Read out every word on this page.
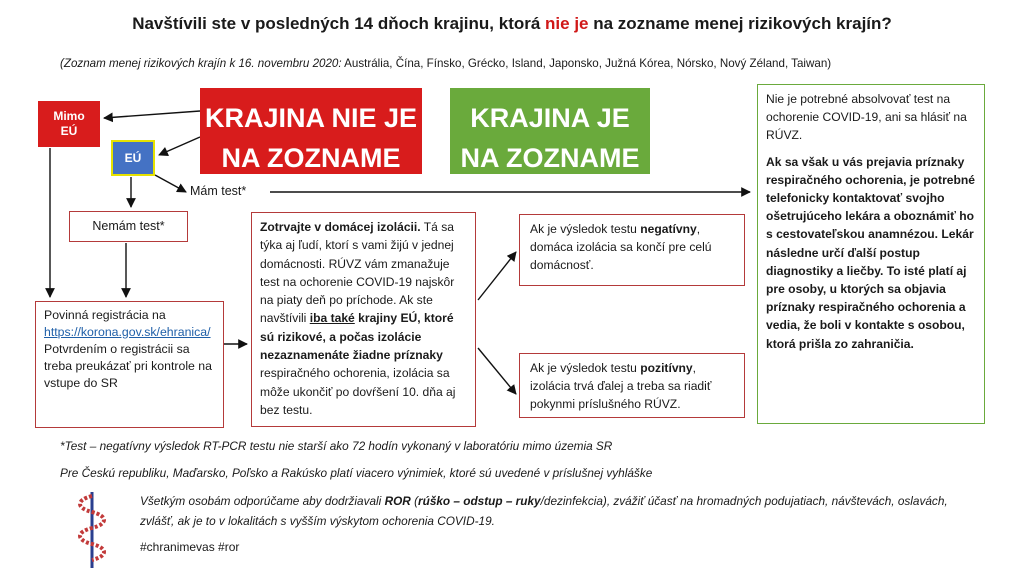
Navštívili ste v posledných 14 dňoch krajinu, ktorá nie je na zozname menej rizikových krajín?
(Zoznam menej rizikových krajín k 16. novembru 2020: Austrália, Čína, Fínsko, Grécko, Island, Japonsko, Južná Kórea, Nórsko, Nový Zéland, Taiwan)
KRAJINA NIE JE
NA ZOZNAME
KRAJINA JE
NA ZOZNAME
Mimo
EÚ
EÚ
Mám test*
Nemám test*
Povinná registrácia na
https://korona.gov.sk/ehranica/
Potvrdením o registrácii sa treba preukázať pri kontrole na vstupe do SR
Zotrvajte v domácej izolácii. Tá sa týka aj ľudí, ktorí s vami žijú v jednej domácnosti. RÚVZ vám zmanažuje test na ochorenie COVID-19 najskôr na piaty deň po príchode. Ak ste navštívili iba také krajiny EÚ, ktoré sú rizikové, a počas izolácie nezaznamenáte žiadne príznaky respiračného ochorenia, izolácia sa môže ukončiť po dovŕšení 10. dňa aj bez testu.
Ak je výsledok testu negatívny, domáca izolácia sa končí pre celú domácnosť.
Ak je výsledok testu pozitívny, izolácia trvá ďalej a treba sa riadiť pokynmi príslušného RÚVZ.

Nie je potrebné absolvovať test na ochorenie COVID-19, ani sa hlásiť na RÚVZ.

Ak sa však u vás prejavia príznaky respiračného ochorenia, je potrebné telefonicky kontaktovať svojho ošetrujúceho lekára a oboznámiť ho s cestovateľskou anamnézou. Lekár následne určí ďalší postup diagnostiky a liečby. To isté platí aj pre osoby, u ktorých sa objavia príznaky respiračného ochorenia a vedia, že boli v kontakte s osobou, ktorá prišla zo zahraničia.

*Test – negatívny výsledok RT-PCR testu nie starší ako 72 hodín vykonaný v laboratóriu mimo územia SR
Pre Českú republiku, Maďarsko, Poľsko a Rakúsko platí viacero výnimiek, ktoré sú uvedené v príslušnej vyhláške
Všetkým osobám odporúčame aby dodržiavali ROR (rúško – odstup – ruky/dezinfekcia), zvážiť účasť na hromadných podujatiach, návštevách, oslavách, zvlášť, ak je to v lokalitách s vyšším výskytom ochorenia COVID-19.
#chranimevas #ror
